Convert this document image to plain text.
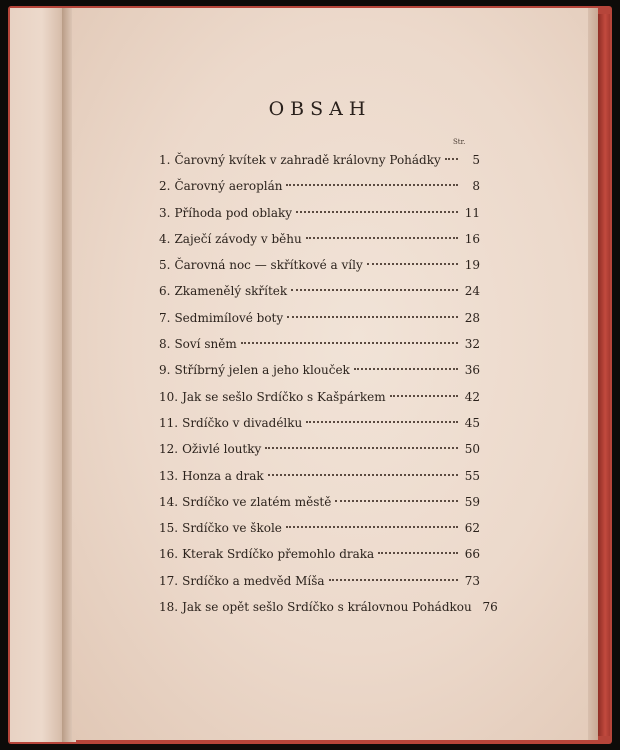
OBSAH
Str.
1. Čarovný kvítek v zahradě královny Pohádky	5
2. Čarovný aeroplán	8
3. Příhoda pod oblaky	11
4. Zaječí závody v běhu	16
5. Čarovná noc — skřítkové a víly	19
6. Zkamenělý skřítek	24
7. Sedmimílové boty	28
8. Soví sněm	32
9. Stříbrný jelen a jeho klouček	36
10. Jak se sešlo Srdíčko s Kašpárkem	42
11. Srdíčko v divadélku	45
12. Oživlé loutky	50
13. Honza a drak	55
14. Srdíčko ve zlatém městě	59
15. Srdíčko ve škole	62
16. Kterak Srdíčko přemohlo draka	66
17. Srdíčko a medvěd Míša	73
18. Jak se opět sešlo Srdíčko s královnou Pohádkou 76
